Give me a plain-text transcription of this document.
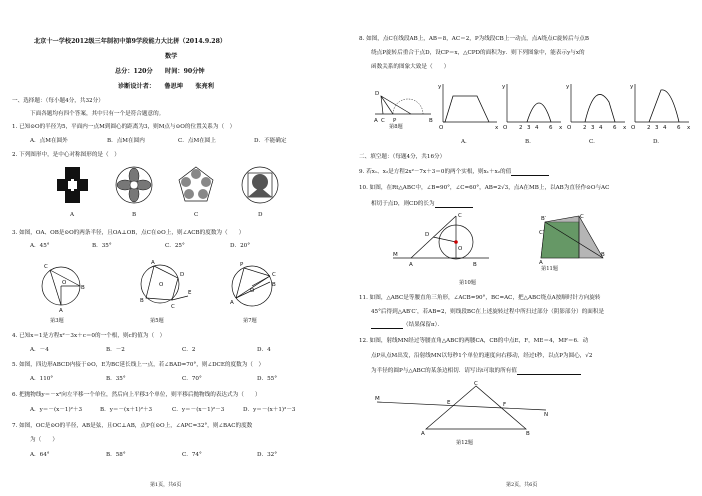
北京十一学校2012级三年制初中第9学段能力大比拼（2014.9.28）
数学
总分：120分　　时间：90分钟
诊断设计者：　　鲁思坤　　张亮利
一、选择题：（每小题4分，共32分）
下面各题均有四个答案，其中只有一个是符合题意的。
1. 已知⊙O的半径为5，平面内一点M到圆心的距离为3，则M点与⊙O的位置关系为（　）
A．点M在圆外	B．点M在圆内	C．点M在圆上	D．不能确定
2. 下列图形中，是中心对称图形的是（　）
A	B	C	D
3. 如图，OA、OB是⊙O的两条半径，且OA⊥OB，点C在⊙O上，则∠ACB的度数为（　　）
A．45°	B．35°	C．25°	D．20°
C
O
A
B
A
D
O
B
C
E
C
P
O
A
B
第3题	第5题	第7题
4. 已知x＝1是方程x²－3x＋c＝0的一个根，则c的值为（　）
A．－4	B．－2	C．2	D．4
5. 如图，四边形ABCD内接于⊙O，E为BC延长线上一点，若∠BAD=70°，则∠DCE的度数为（　）
A．110°	B．35°	C．70°	D．55°
6. 把抛物线y＝－x²向左平移一个单位，然后向上平移3个单位，则平移后抛物线的表达式为（　　）
A．y＝－(x－1)²＋3	B．y＝－(x＋1)²＋3	C．y＝－(x－1)²－3	D．y＝－(x＋1)²－3
7. 如图，OC是⊙O的半径，AB是弦，且OC⊥AB，点P在⊙O上，∠APC=32°，则∠BAC的度数
为（　　）
A．64°	B．58°	C．74°	D．32°
第1页，共6页
8. 如图，点C在线段AB上，AB＝8，AC＝2，P为线段CB上一动点，点A绕点C旋转后与点B
绕点P旋转后重合于点D，设CP＝x，△CPD的面积为y．则下列图象中，能表示y与x的
函数关系的图象大致是（　　）
D
A C P	B
第8题
y
x
O
y
x
O 2 3 4 6
y
x
O 2 3 4 6
y
x
O 2 3 4 6
A.	B.	C.	D.
二、填空题：（每题4分，共16分）
9. 若x₁、x₂是方程2x²－7x＋3＝0的两个实根，则x₁＋x₂的值
10. 如图，在Rt△ABC中，∠B=90°，∠C=60°，AB=2√3，点A在MB上，以AB为直径作⊙O与AC
相切于点D，则CD的长为
C
D
M
A
O
B
第10题
B′	C
C′
B
A
第11题
11. 如图，△ABC是等腰直角三角形，∠ACB=90°，BC=AC，把△ABC绕点A按顺时针方向旋转
45°后得到△AB′C′，若AB=2，则线段BC在上述旋转过程中所扫过部分（阴影部分）的面积是
（结果保留π）．
12. 如图，射线MN经过等腰直角△ABC的两腰CA，CB的中点E，F，ME＝4，MF＝6．动
点P从点M出发，沿射线MN以每秒1个单位的速度向右移动，经过t秒，以点P为圆心，√2
为半径的圆P与△ABC的某条边相切．请写出t可取的所有值
C
M
E	F
N
A	B
第12题
第2页，共6页
